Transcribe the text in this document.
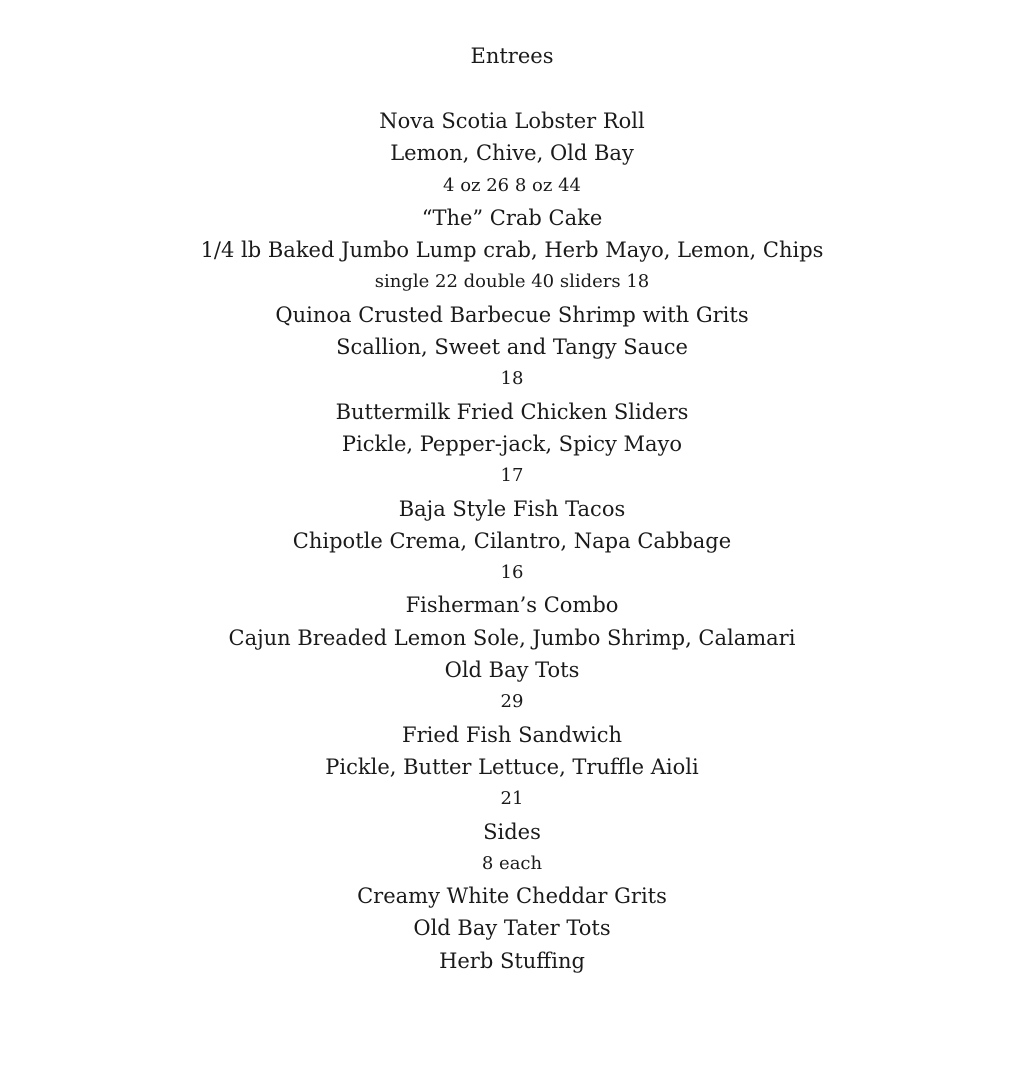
Entrees
Nova Scotia Lobster Roll
Lemon, Chive, Old Bay
4 oz 26 8 oz 44
“The” Crab Cake
1/4 lb Baked Jumbo Lump crab, Herb Mayo, Lemon, Chips
single 22 double 40 sliders 18
Quinoa Crusted Barbecue Shrimp with Grits
Scallion, Sweet and Tangy Sauce
18
Buttermilk Fried Chicken Sliders
Pickle, Pepper-jack, Spicy Mayo
17
Baja Style Fish Tacos
Chipotle Crema, Cilantro, Napa Cabbage
16
Fisherman’s Combo
Cajun Breaded Lemon Sole, Jumbo Shrimp, Calamari
Old Bay Tots
29
Fried Fish Sandwich
Pickle, Butter Lettuce, Truffle Aioli
21
Sides
8 each
Creamy White Cheddar Grits
Old Bay Tater Tots
Herb Stuffing
